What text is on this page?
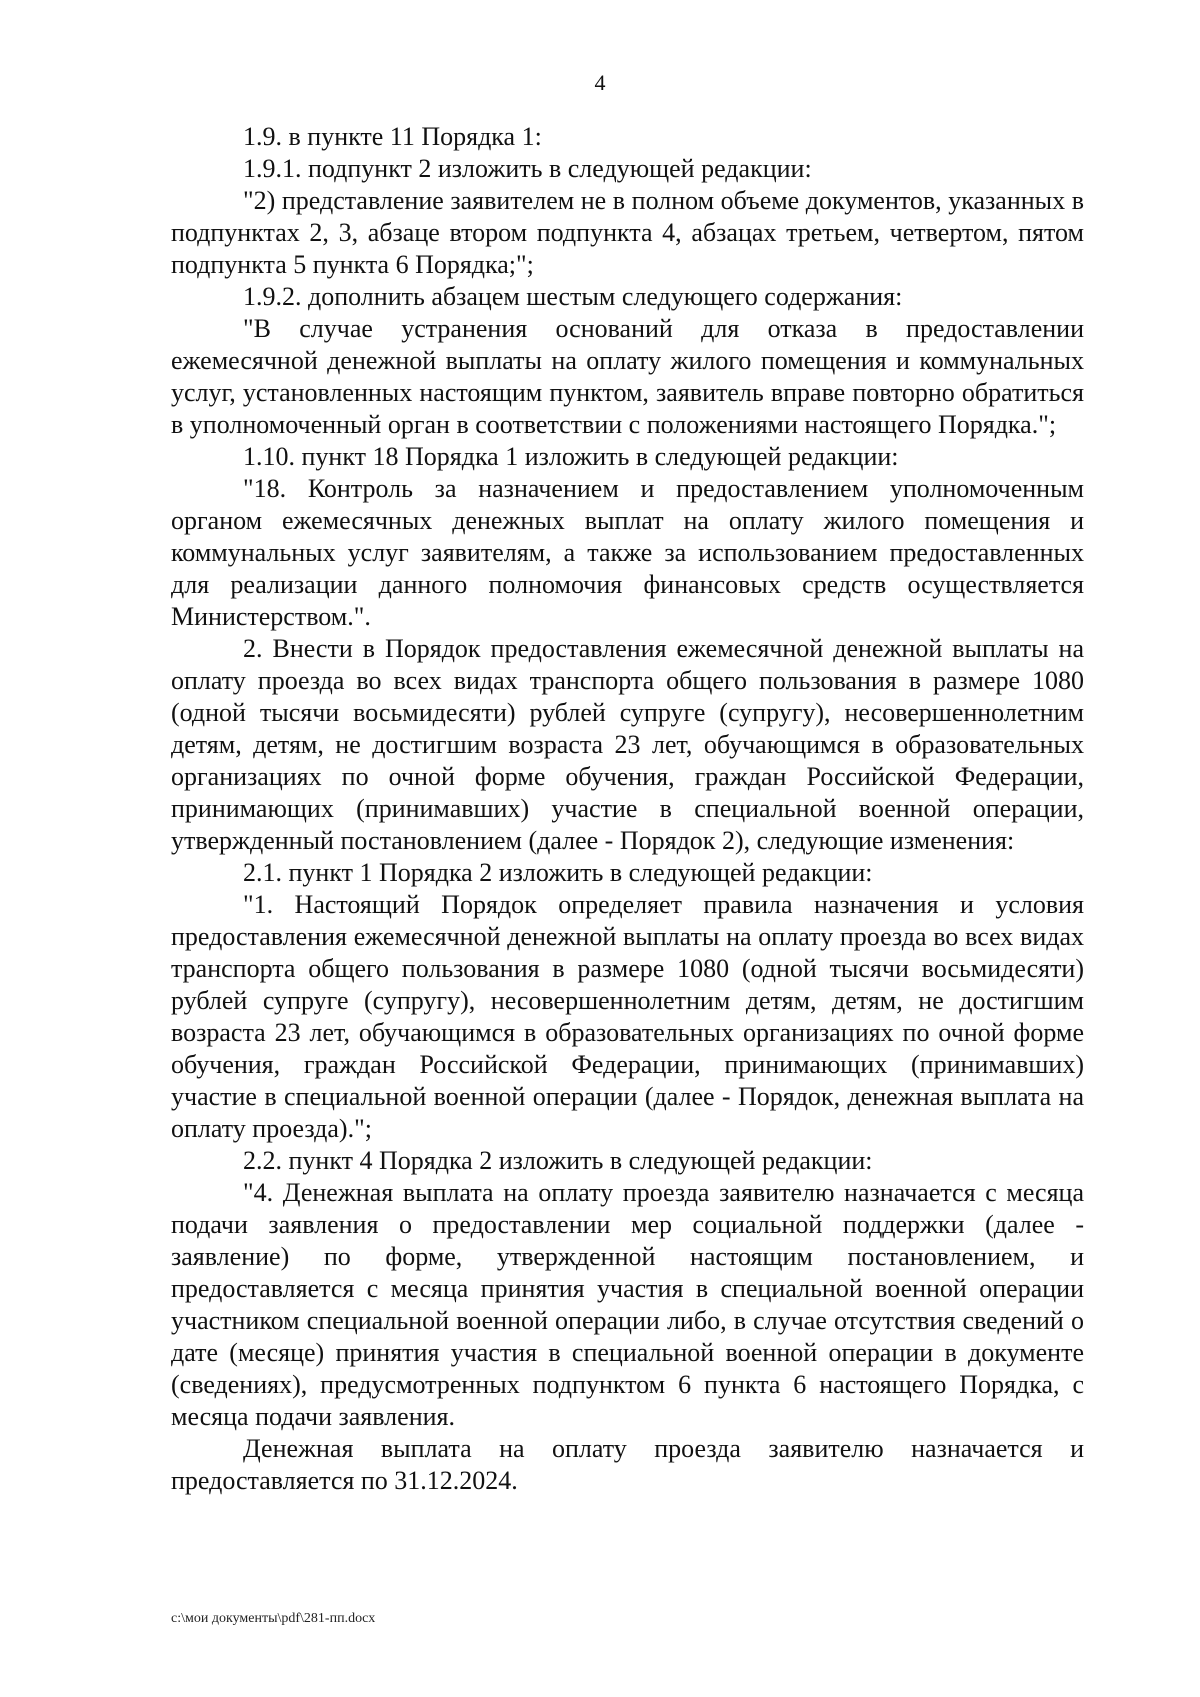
4

1.9. в пункте 11 Порядка 1:

1.9.1. подпункт 2 изложить в следующей редакции:

"2) представление заявителем не в полном объеме документов, указанных в подпунктах 2, 3, абзаце втором подпункта 4, абзацах третьем, четвертом, пятом подпункта 5 пункта 6 Порядка;";

1.9.2. дополнить абзацем шестым следующего содержания:

"В случае устранения оснований для отказа в предоставлении ежемесячной денежной выплаты на оплату жилого помещения и коммунальных услуг, установленных настоящим пунктом, заявитель вправе повторно обратиться в уполномоченный орган в соответствии с положениями настоящего Порядка.";

1.10. пункт 18 Порядка 1 изложить в следующей редакции:

"18. Контроль за назначением и предоставлением уполномоченным органом ежемесячных денежных выплат на оплату жилого помещения и коммунальных услуг заявителям, а также за использованием предоставленных для реализации данного полномочия финансовых средств осуществляется Министерством.".

2. Внести в Порядок предоставления ежемесячной денежной выплаты на оплату проезда во всех видах транспорта общего пользования в размере 1080 (одной тысячи восьмидесяти) рублей супруге (супругу), несовершеннолетним детям, детям, не достигшим возраста 23 лет, обучающимся в образовательных организациях по очной форме обучения, граждан Российской Федерации, принимающих (принимавших) участие в специальной военной операции, утвержденный постановлением (далее - Порядок 2), следующие изменения:

2.1. пункт 1 Порядка 2 изложить в следующей редакции:

"1. Настоящий Порядок определяет правила назначения и условия предоставления ежемесячной денежной выплаты на оплату проезда во всех видах транспорта общего пользования в размере 1080 (одной тысячи восьмидесяти) рублей супруге (супругу), несовершеннолетним детям, детям, не достигшим возраста 23 лет, обучающимся в образовательных организациях по очной форме обучения, граждан Российской Федерации, принимающих (принимавших) участие в специальной военной операции (далее - Порядок, денежная выплата на оплату проезда).";

2.2. пункт 4 Порядка 2 изложить в следующей редакции:

"4. Денежная выплата на оплату проезда заявителю назначается с месяца подачи заявления о предоставлении мер социальной поддержки (далее - заявление) по форме, утвержденной настоящим постановлением, и предоставляется с месяца принятия участия в специальной военной операции участником специальной военной операции либо, в случае отсутствия сведений о дате (месяце) принятия участия в специальной военной операции в документе (сведениях), предусмотренных подпунктом 6 пункта 6 настоящего Порядка, с месяца подачи заявления.

Денежная выплата на оплату проезда заявителю назначается и предоставляется по 31.12.2024.

c:\мои документы\pdf\281-пп.docx
